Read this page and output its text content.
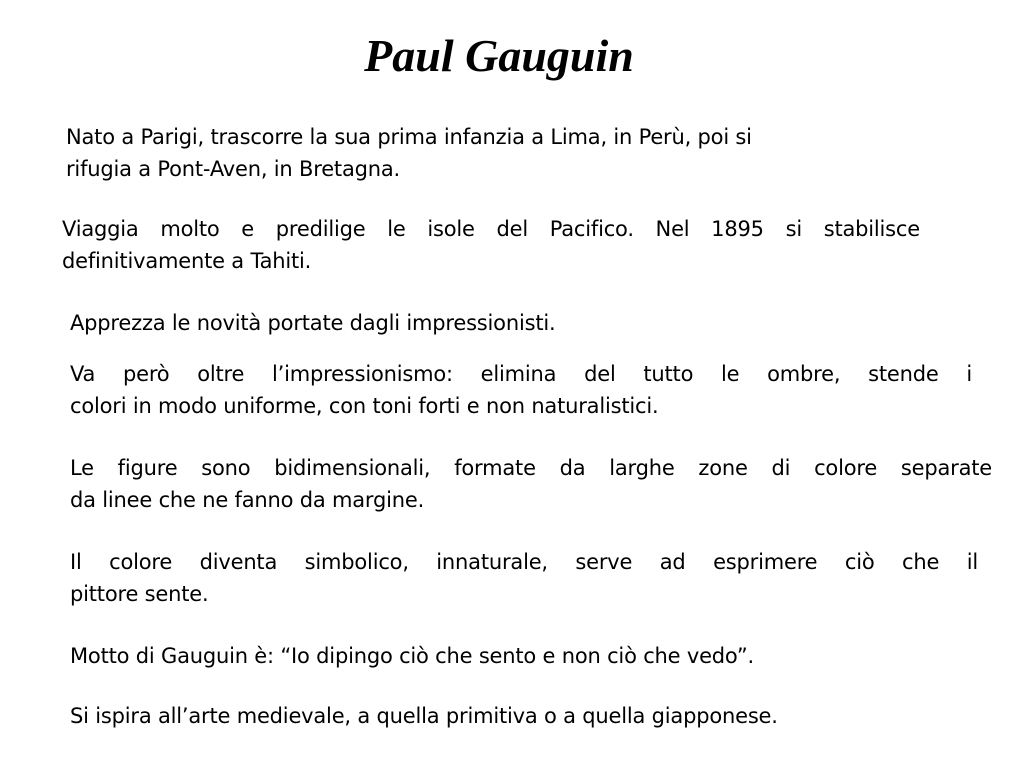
Paul Gauguin
Nato a Parigi, trascorre la sua prima infanzia a Lima, in Perù, poi si
rifugia a Pont-Aven, in Bretagna.
Viaggia molto e predilige le isole del Pacifico. Nel 1895 si stabilisce
definitivamente a Tahiti.
Apprezza le novità portate dagli impressionisti.
Va però oltre l’impressionismo: elimina del tutto le ombre, stende i
colori in modo uniforme, con toni forti e non naturalistici.
Le figure sono bidimensionali, formate da larghe zone di colore separate
da linee che ne fanno da margine.
Il colore diventa simbolico, innaturale, serve ad esprimere ciò che il
pittore sente.
Motto di Gauguin è: “Io dipingo ciò che sento e non ciò che vedo”.
Si ispira all’arte medievale, a quella primitiva o a quella giapponese.
